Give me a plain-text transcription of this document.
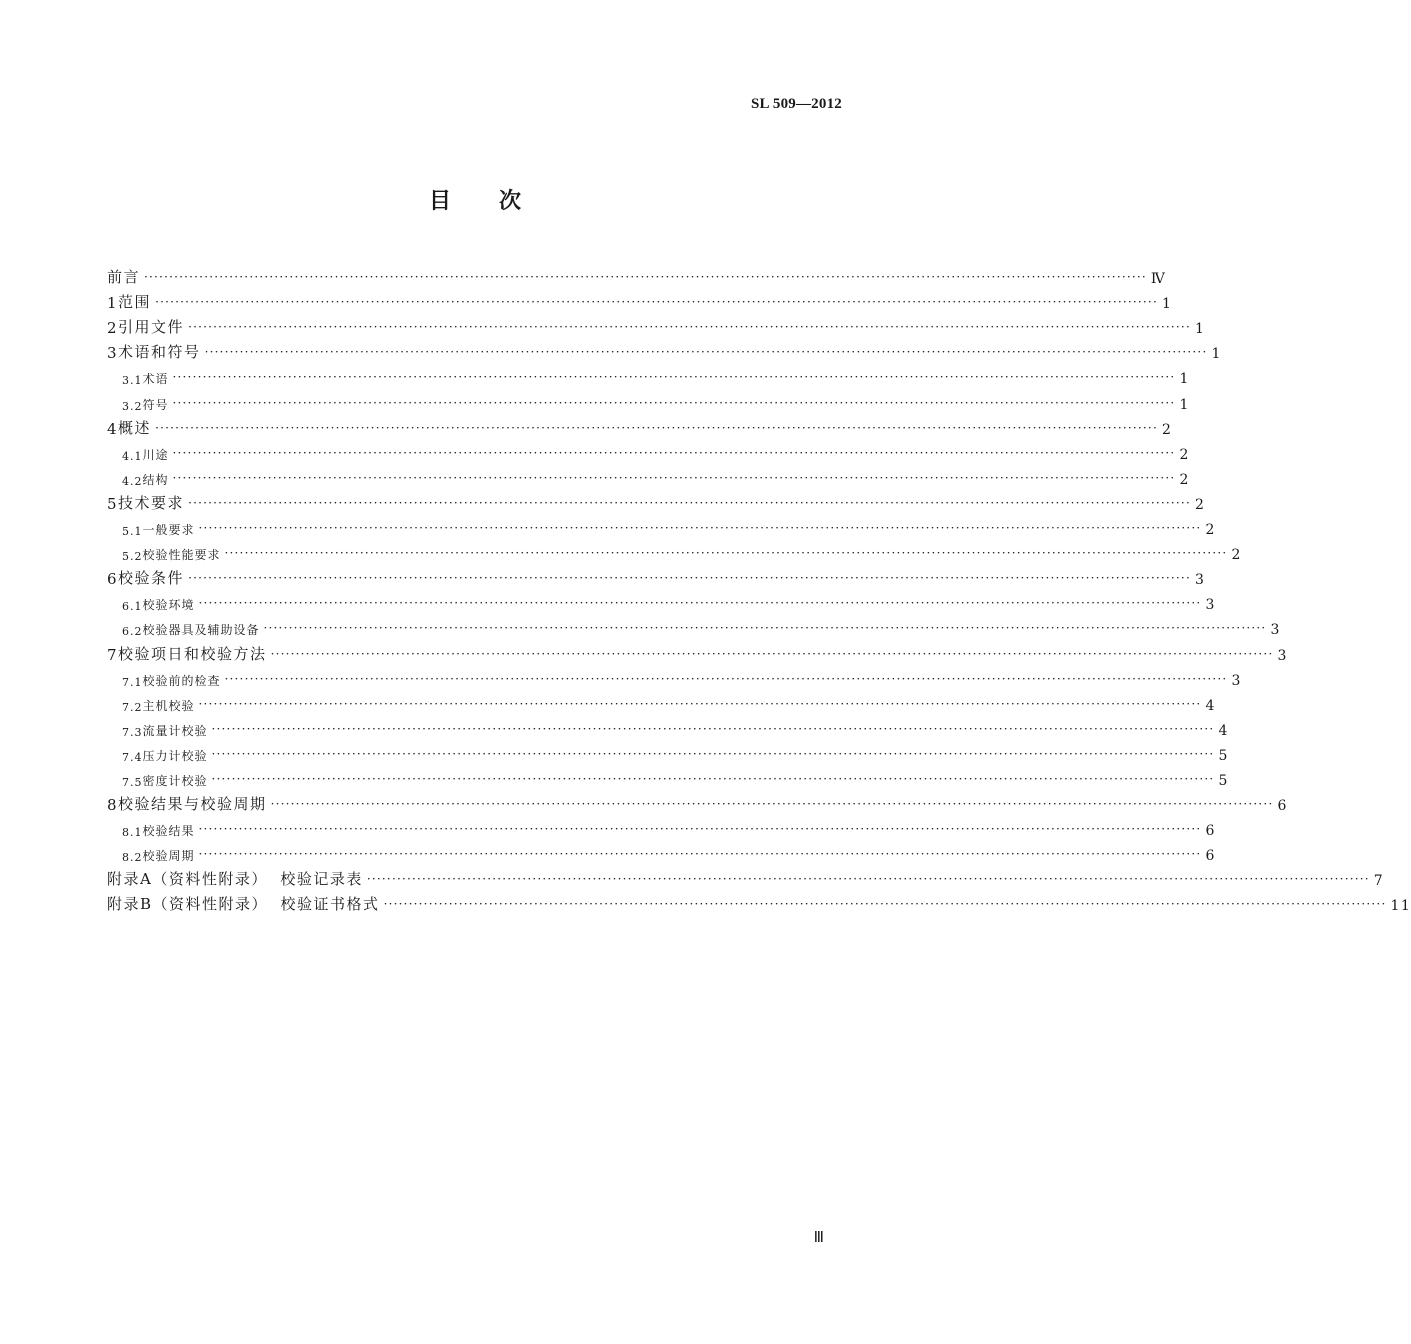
SL 509—2012
目次
前言 ········································································································································································································ Ⅳ
1 范围 ········································································································································································································ 1
2 引用文件 ········································································································································································································ 1
3 术语和符号 ········································································································································································································ 1
3.1 术语 ········································································································································································································ 1
3.2 符号 ········································································································································································································ 1
4 概述 ········································································································································································································ 2
4.1 川途 ········································································································································································································ 2
4.2 结构 ········································································································································································································ 2
5 技术要求 ········································································································································································································ 2
5.1 一般要求 ········································································································································································································ 2
5.2 校验性能要求 ········································································································································································································ 2
6 校验条件 ········································································································································································································ 3
6.1 校验环境 ········································································································································································································ 3
6.2 校验器具及辅助设备 ········································································································································································································ 3
7 校验项日和校验方法 ········································································································································································································ 3
7.1 校验前的检查 ········································································································································································································ 3
7.2 主机校验 ········································································································································································································ 4
7.3 流量计校验 ········································································································································································································ 4
7.4 压力计校验 ········································································································································································································ 5
7.5 密度计校验 ········································································································································································································ 5
8 校验结果与校验周期 ········································································································································································································ 6
8.1 校验结果 ········································································································································································································ 6
8.2 校验周期 ········································································································································································································ 6
附录A（资料性附录）  校验记录表 ········································································································································································································ 7
附录B（资料性附录）  校验证书格式 ········································································································································································································ 11
Ⅲ
